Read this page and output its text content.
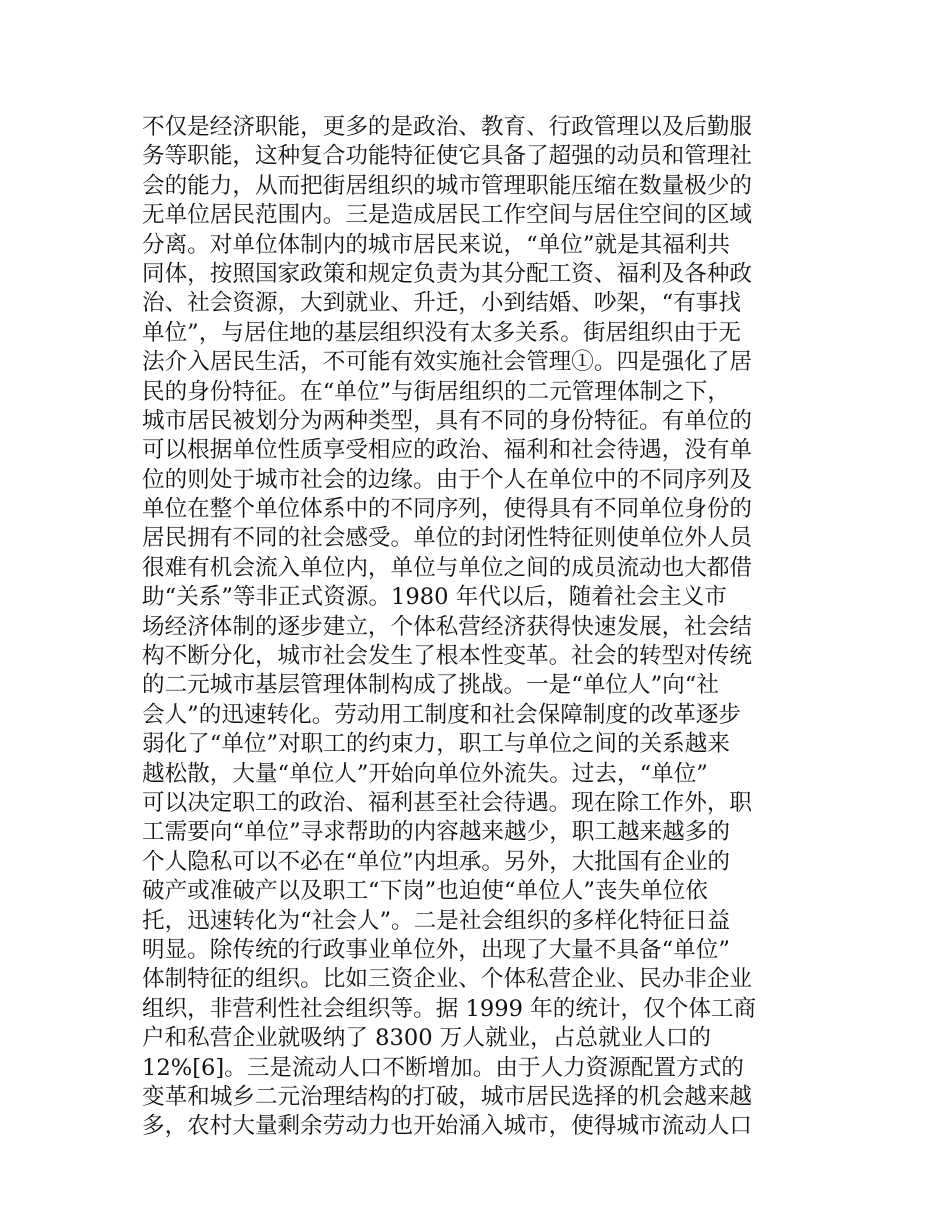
不仅是经济职能，更多的是政治、教育、行政管理以及后勤服
务等职能，这种复合功能特征使它具备了超强的动员和管理社
会的能力，从而把街居组织的城市管理职能压缩在数量极少的
无单位居民范围内。三是造成居民工作空间与居住空间的区域
分离。对单位体制内的城市居民来说，“单位”就是其福利共
同体，按照国家政策和规定负责为其分配工资、福利及各种政
治、社会资源，大到就业、升迁，小到结婚、吵架，“有事找
单位”，与居住地的基层组织没有太多关系。街居组织由于无
法介入居民生活，不可能有效实施社会管理①。四是强化了居
民的身份特征。在“单位”与街居组织的二元管理体制之下，
城市居民被划分为两种类型，具有不同的身份特征。有单位的
可以根据单位性质享受相应的政治、福利和社会待遇，没有单
位的则处于城市社会的边缘。由于个人在单位中的不同序列及
单位在整个单位体系中的不同序列，使得具有不同单位身份的
居民拥有不同的社会感受。单位的封闭性特征则使单位外人员
很难有机会流入单位内，单位与单位之间的成员流动也大都借
助“关系”等非正式资源。1980 年代以后，随着社会主义市
场经济体制的逐步建立，个体私营经济获得快速发展，社会结
构不断分化，城市社会发生了根本性变革。社会的转型对传统
的二元城市基层管理体制构成了挑战。一是“单位人”向“社
会人”的迅速转化。劳动用工制度和社会保障制度的改革逐步
弱化了“单位”对职工的约束力，职工与单位之间的关系越来
越松散，大量“单位人”开始向单位外流失。过去，“单位”
可以决定职工的政治、福利甚至社会待遇。现在除工作外，职
工需要向“单位”寻求帮助的内容越来越少，职工越来越多的
个人隐私可以不必在“单位”内坦承。另外，大批国有企业的
破产或准破产以及职工“下岗”也迫使“单位人”丧失单位依
托，迅速转化为“社会人”。二是社会组织的多样化特征日益
明显。除传统的行政事业单位外，出现了大量不具备“单位”
体制特征的组织。比如三资企业、个体私营企业、民办非企业
组织，非营利性社会组织等。据 1999 年的统计，仅个体工商
户和私营企业就吸纳了 8300 万人就业，占总就业人口的
12%[6]。三是流动人口不断增加。由于人力资源配置方式的
变革和城乡二元治理结构的打破，城市居民选择的机会越来越
多，农村大量剩余劳动力也开始涌入城市，使得城市流动人口
